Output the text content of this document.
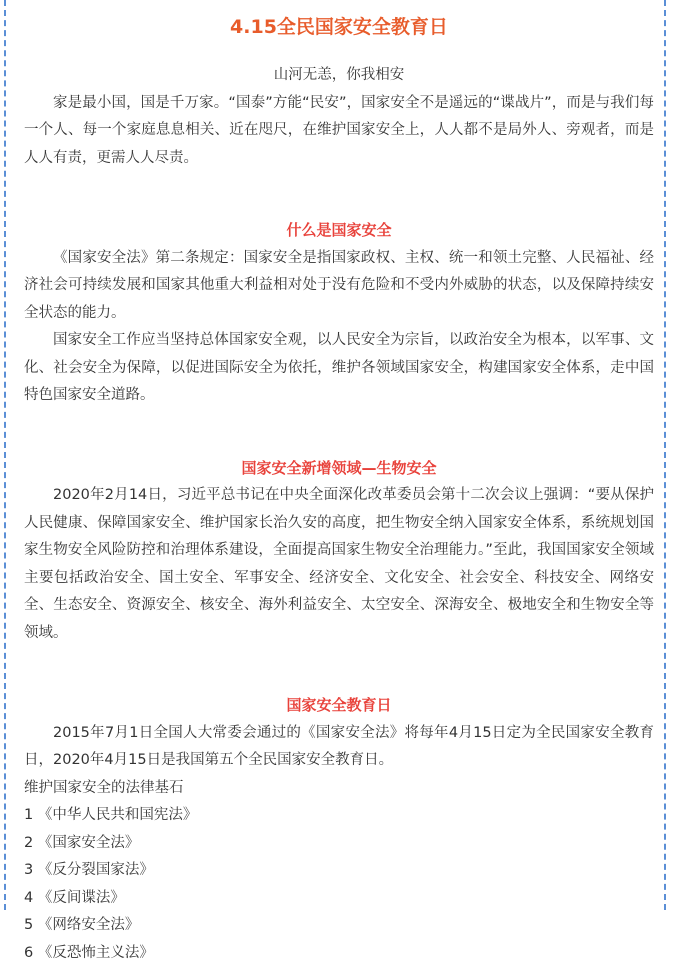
4.15全民国家安全教育日

山河无恙，你我相安

家是最小国，国是千万家。“国泰”方能“民安”，国家安全不是遥远的“谍战片”，而是与我们每一个人、每一个家庭息息相关、近在咫尺，在维护国家安全上，人人都不是局外人、旁观者，而是人人有责，更需人人尽责。

什么是国家安全

《国家安全法》第二条规定：国家安全是指国家政权、主权、统一和领土完整、人民福祉、经济社会可持续发展和国家其他重大利益相对处于没有危险和不受内外威胁的状态，以及保障持续安全状态的能力。

国家安全工作应当坚持总体国家安全观，以人民安全为宗旨，以政治安全为根本，以军事、文化、社会安全为保障，以促进国际安全为依托，维护各领域国家安全，构建国家安全体系，走中国特色国家安全道路。

国家安全新增领域—生物安全

2020年2月14日，习近平总书记在中央全面深化改革委员会第十二次会议上强调：“要从保护人民健康、保障国家安全、维护国家长治久安的高度，把生物安全纳入国家安全体系，系统规划国家生物安全风险防控和治理体系建设，全面提高国家生物安全治理能力。”至此，我国国家安全领域主要包括政治安全、国土安全、军事安全、经济安全、文化安全、社会安全、科技安全、网络安全、生态安全、资源安全、核安全、海外利益安全、太空安全、深海安全、极地安全和生物安全等领域。

国家安全教育日

2015年7月1日全国人大常委会通过的《国家安全法》将每年4月15日定为全民国家安全教育日，2020年4月15日是我国第五个全民国家安全教育日。

维护国家安全的法律基石

1 《中华人民共和国宪法》
2 《国家安全法》
3 《反分裂国家法》
4 《反间谍法》
5 《网络安全法》
6 《反恐怖主义法》
